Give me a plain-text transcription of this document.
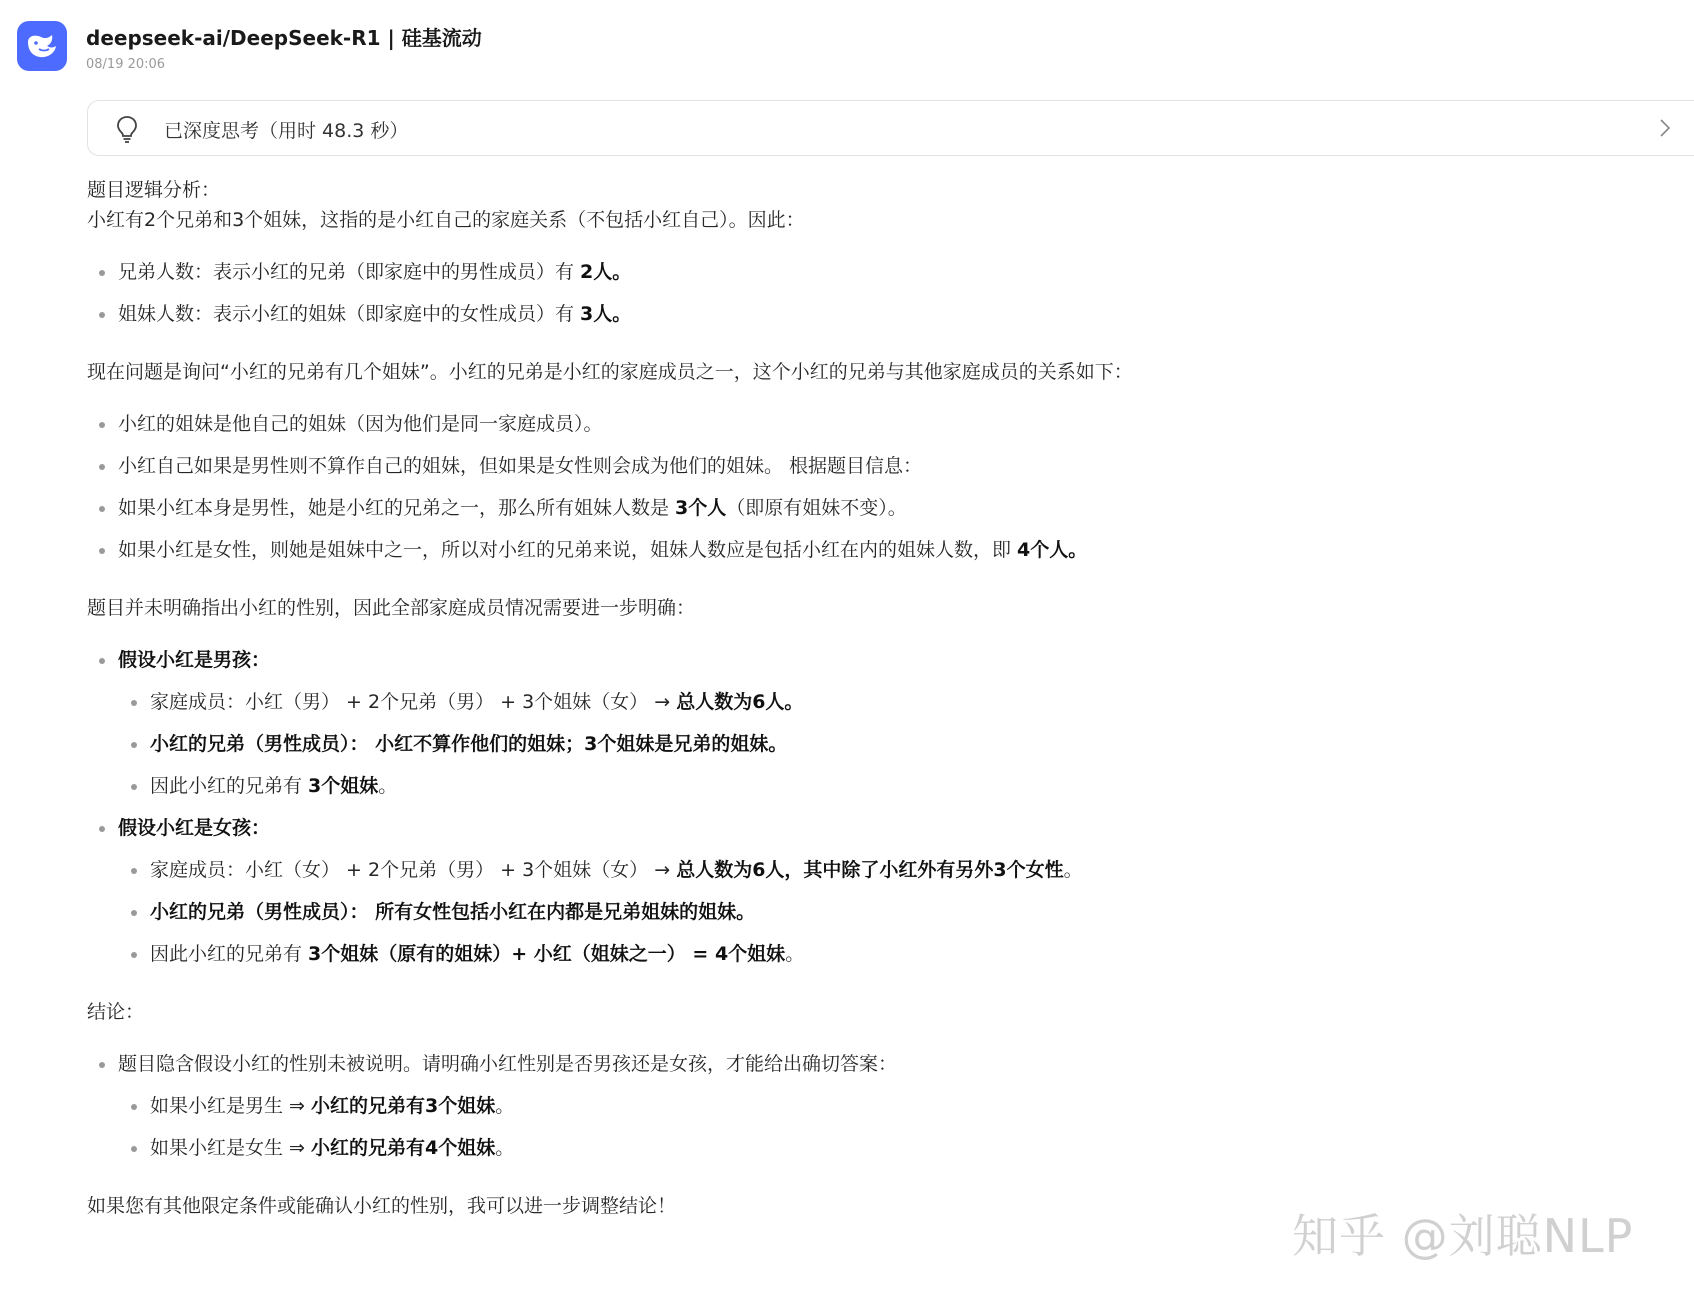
deepseek-ai/DeepSeek-R1 | 硅基流动
08/19 20:06
已深度思考（用时 48.3 秒）
题目逻辑分析：
小红有2个兄弟和3个姐妹，这指的是小红自己的家庭关系（不包括小红自己）。因此：
兄弟人数：表示小红的兄弟（即家庭中的男性成员）有 2人。
姐妹人数：表示小红的姐妹（即家庭中的女性成员）有 3人。
现在问题是询问“小红的兄弟有几个姐妹”。小红的兄弟是小红的家庭成员之一，这个小红的兄弟与其他家庭成员的关系如下：
小红的姐妹是他自己的姐妹（因为他们是同一家庭成员）。
小红自己如果是男性则不算作自己的姐妹，但如果是女性则会成为他们的姐妹。 根据题目信息：
如果小红本身是男性，她是小红的兄弟之一，那么所有姐妹人数是 3个人（即原有姐妹不变）。
如果小红是女性，则她是姐妹中之一，所以对小红的兄弟来说，姐妹人数应是包括小红在内的姐妹人数，即 4个人。
题目并未明确指出小红的性别，因此全部家庭成员情况需要进一步明确：
假设小红是男孩：
家庭成员：小红（男） + 2个兄弟（男） + 3个姐妹（女） → 总人数为6人。
小红的兄弟（男性成员）： 小红不算作他们的姐妹；3个姐妹是兄弟的姐妹。
因此小红的兄弟有 3个姐妹。
假设小红是女孩：
家庭成员：小红（女） + 2个兄弟（男） + 3个姐妹（女） → 总人数为6人，其中除了小红外有另外3个女性。
小红的兄弟（男性成员）： 所有女性包括小红在内都是兄弟姐妹的姐妹。
因此小红的兄弟有 3个姐妹（原有的姐妹）+ 小红（姐妹之一） = 4个姐妹。
结论：
题目隐含假设小红的性别未被说明。请明确小红性别是否男孩还是女孩，才能给出确切答案：
如果小红是男生 ⇒ 小红的兄弟有3个姐妹。
如果小红是女生 ⇒ 小红的兄弟有4个姐妹。
如果您有其他限定条件或能确认小红的性别，我可以进一步调整结论！
知乎 @刘聪NLP
